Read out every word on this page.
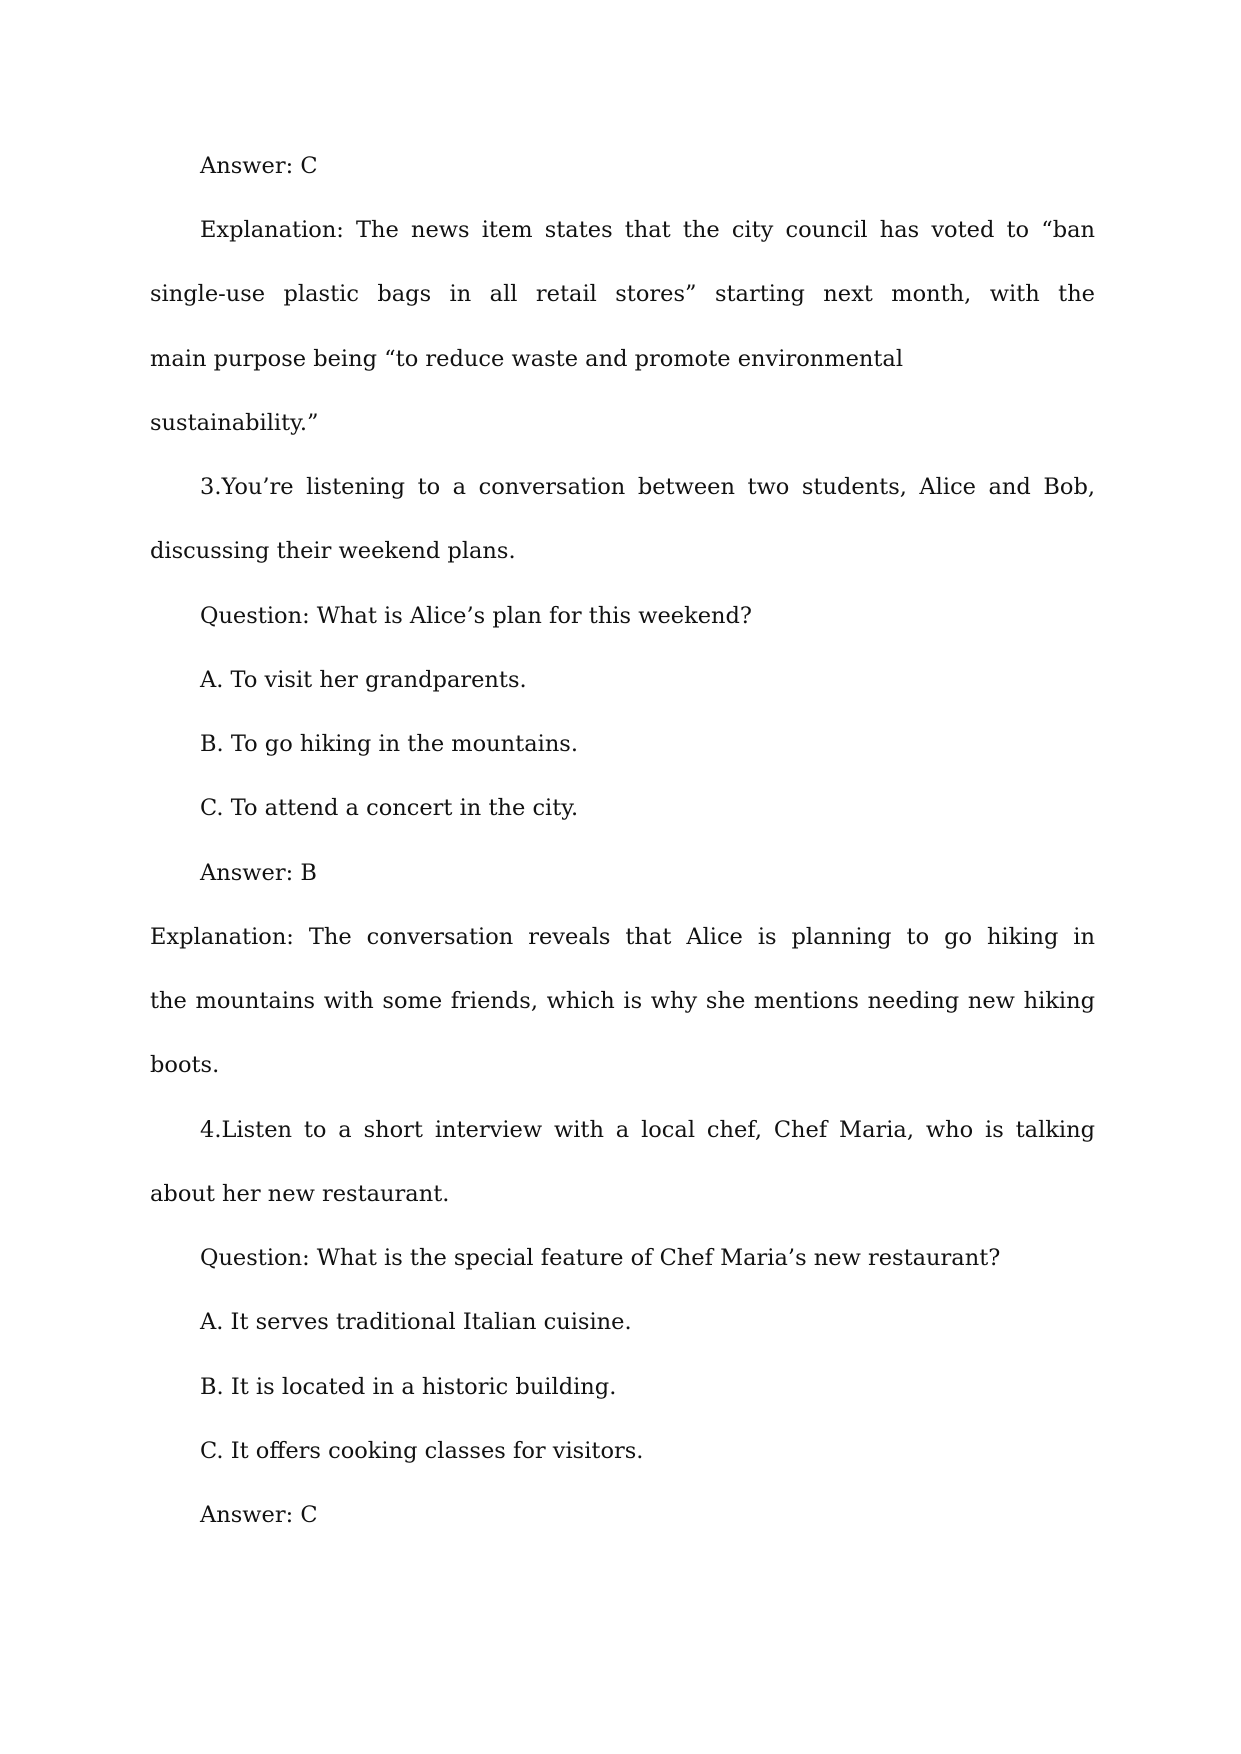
Answer: C
Explanation: The news item states that the city council has voted to “ban
single-use plastic bags in all retail stores” starting next month, with the
main purpose being “to reduce waste and promote environmental
sustainability.”
3.You’re listening to a conversation between two students, Alice and Bob,
discussing their weekend plans.
Question: What is Alice’s plan for this weekend?
A. To visit her grandparents.
B. To go hiking in the mountains.
C. To attend a concert in the city.
Answer: B
Explanation: The conversation reveals that Alice is planning to go hiking in
the mountains with some friends, which is why she mentions needing new hiking
boots.
4.Listen to a short interview with a local chef, Chef Maria, who is talking
about her new restaurant.
Question: What is the special feature of Chef Maria’s new restaurant?
A. It serves traditional Italian cuisine.
B. It is located in a historic building.
C. It offers cooking classes for visitors.
Answer: C
